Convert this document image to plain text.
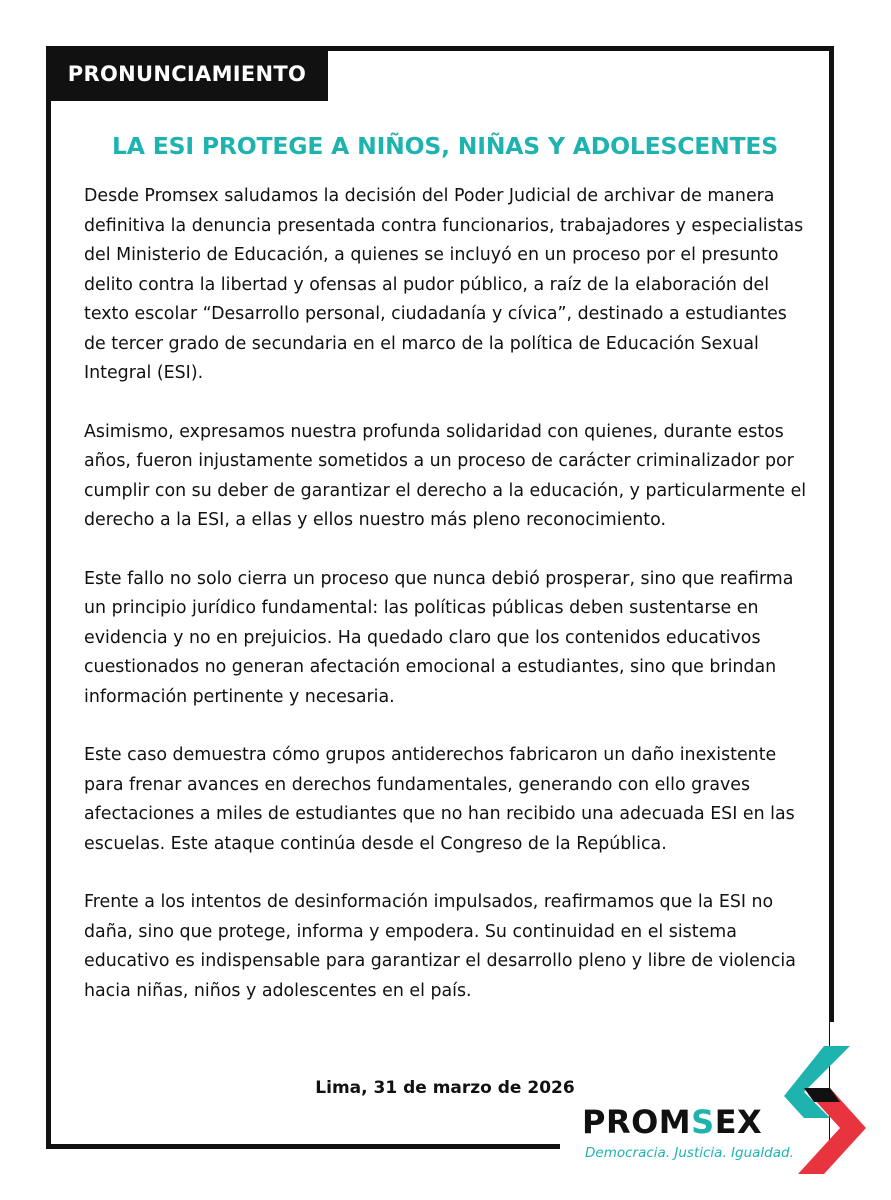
PRONUNCIAMIENTO
LA ESI PROTEGE A NIÑOS, NIÑAS Y ADOLESCENTES

Desde Promsex saludamos la decisión del Poder Judicial de archivar de manera definitiva la denuncia presentada contra funcionarios, trabajadores y especialistas del Ministerio de Educación, a quienes se incluyó en un proceso por el presunto delito contra la libertad y ofensas al pudor público, a raíz de la elaboración del texto escolar “Desarrollo personal, ciudadanía y cívica”, destinado a estudiantes de tercer grado de secundaria en el marco de la política de Educación Sexual Integral (ESI).

Asimismo, expresamos nuestra profunda solidaridad con quienes, durante estos años, fueron injustamente sometidos a un proceso de carácter criminalizador por cumplir con su deber de garantizar el derecho a la educación, y particularmente el derecho a la ESI, a ellas y ellos nuestro más pleno reconocimiento.

Este fallo no solo cierra un proceso que nunca debió prosperar, sino que reafirma un principio jurídico fundamental: las políticas públicas deben sustentarse en evidencia y no en prejuicios. Ha quedado claro que los contenidos educativos cuestionados no generan afectación emocional a estudiantes, sino que brindan información pertinente y necesaria.

Este caso demuestra cómo grupos antiderechos fabricaron un daño inexistente para frenar avances en derechos fundamentales, generando con ello graves afectaciones a miles de estudiantes que no han recibido una adecuada ESI en las escuelas. Este ataque continúa desde el Congreso de la República.

Frente a los intentos de desinformación impulsados, reafirmamos que la ESI no daña, sino que protege, informa y empodera. Su continuidad en el sistema educativo es indispensable para garantizar el desarrollo pleno y libre de violencia hacia niñas, niños y adolescentes en el país.

Lima, 31 de marzo de 2026
PROMSEX
Democracia. Justicia. Igualdad.
